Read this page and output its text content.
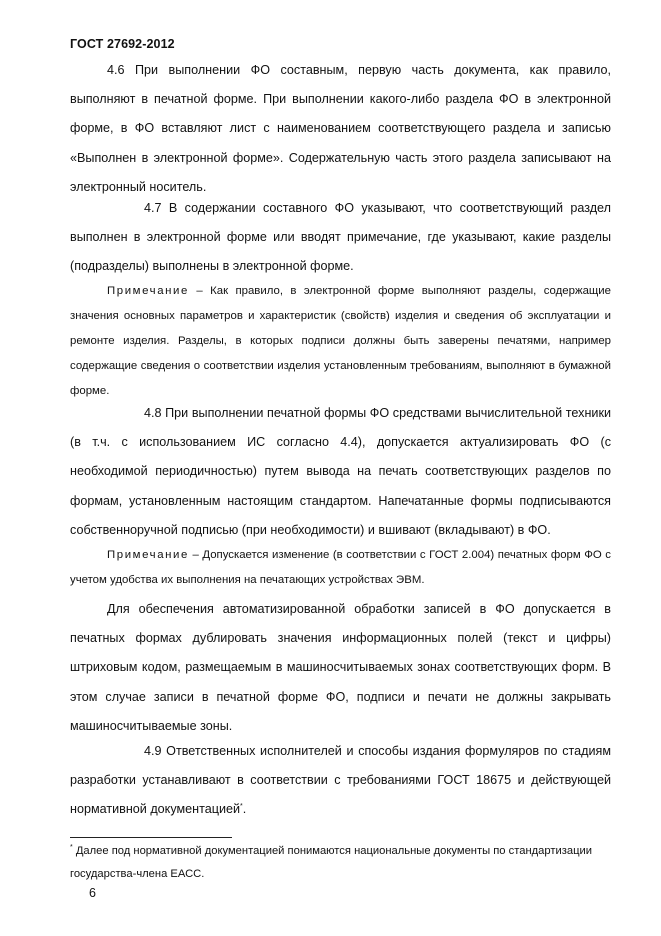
ГОСТ 27692-2012

4.6 При выполнении ФО составным, первую часть документа, как правило, выполняют в печатной форме. При выполнении какого-либо раздела ФО в электронной форме, в ФО вставляют лист с наименованием соответствующего раздела и записью «Выполнен в электронной форме». Содержательную часть этого раздела записывают на электронный носитель.

4.7 В содержании составного ФО указывают, что соответствующий раздел выполнен в электронной форме или вводят примечание, где указывают, какие разделы (подразделы) выполнены в электронной форме.

Примечание – Как правило, в электронной форме выполняют разделы, содержащие значения основных параметров и характеристик (свойств) изделия и сведения об эксплуатации и ремонте изделия. Разделы, в которых подписи должны быть заверены печатями, например содержащие сведения о соответствии изделия установленным требованиям, выполняют в бумажной форме.

4.8 При выполнении печатной формы ФО средствами вычислительной техники (в т.ч. с использованием ИС согласно 4.4), допускается актуализировать ФО (с необходимой периодичностью) путем вывода на печать соответствующих разделов по формам, установленным настоящим стандартом. Напечатанные формы подписываются собственноручной подписью (при необходимости) и вшивают (вкладывают) в ФО.

Примечание – Допускается изменение (в соответствии с ГОСТ 2.004) печатных форм ФО с учетом удобства их выполнения на печатающих устройствах ЭВМ.

Для обеспечения автоматизированной обработки записей в ФО допускается в печатных формах дублировать значения информационных полей (текст и цифры) штриховым кодом, размещаемым в машиносчитываемых зонах соответствующих форм. В этом случае записи в печатной форме ФО, подписи и печати не должны закрывать машиносчитываемые зоны.

4.9 Ответственных исполнителей и способы издания формуляров по стадиям разработки устанавливают в соответствии с требованиями ГОСТ 18675 и действующей нормативной документацией*.

* Далее под нормативной документацией понимаются национальные документы по стандартизации государства-члена ЕАСС.

6
